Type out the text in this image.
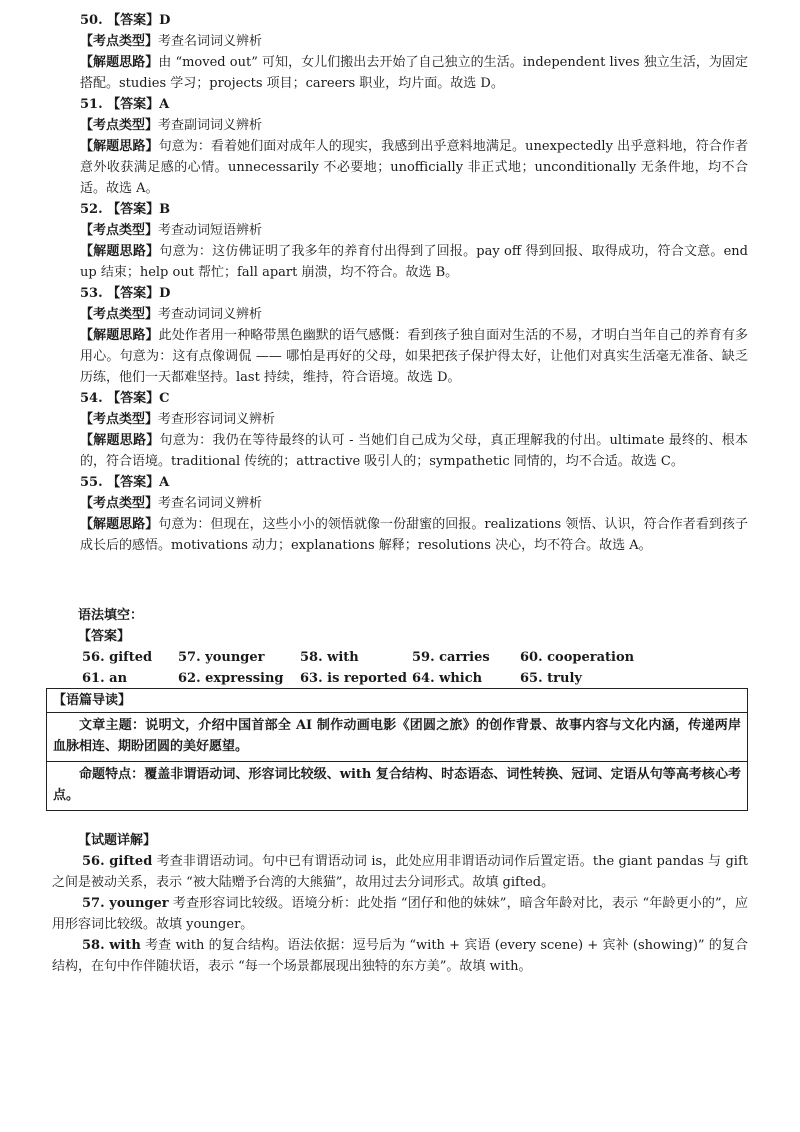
50. 【答案】D
【考点类型】考查名词词义辨析
【解题思路】由 “moved out” 可知，女儿们搬出去开始了自己独立的生活。independent lives 独立生活，为固定搭配。studies 学习；projects 项目；careers 职业，均片面。故选 D。
51. 【答案】A
【考点类型】考查副词词义辨析
【解题思路】句意为：看着她们面对成年人的现实，我感到出乎意料地满足。unexpectedly 出乎意料地，符合作者意外收获满足感的心情。unnecessarily 不必要地；unofficially 非正式地；unconditionally 无条件地，均不合适。故选 A。
52. 【答案】B
【考点类型】考查动词短语辨析
【解题思路】句意为：这仿佛证明了我多年的养育付出得到了回报。pay off 得到回报、取得成功，符合文意。end up 结束；help out 帮忙；fall apart 崩溃，均不符合。故选 B。
53. 【答案】D
【考点类型】考查动词词义辨析
【解题思路】此处作者用一种略带黑色幽默的语气感慨：看到孩子独自面对生活的不易，才明白当年自己的养育有多用心。句意为：这有点像调侃 —— 哪怕是再好的父母，如果把孩子保护得太好，让他们对真实生活毫无准备、缺乏历练，他们一天都难坚持。last 持续，维持，符合语境。故选 D。
54. 【答案】C
【考点类型】考查形容词词义辨析
【解题思路】句意为：我仍在等待最终的认可 - 当她们自己成为父母，真正理解我的付出。ultimate 最终的、根本的，符合语境。traditional 传统的；attractive 吸引人的；sympathetic 同情的，均不合适。故选 C。
55. 【答案】A
【考点类型】考查名词词义辨析
【解题思路】句意为：但现在，这些小小的领悟就像一份甜蜜的回报。realizations 领悟、认识，符合作者看到孩子成长后的感悟。motivations 动力；explanations 解释；resolutions 决心，均不符合。故选 A。
语法填空：
【答案】
56. gifted	57. younger	58. with	59. carries	60. cooperation
61. an	62. expressing	63. is reported 64. which	65. truly
【语篇导读】
文章主题：说明文，介绍中国首部全 AI 制作动画电影《团圆之旅》的创作背景、故事内容与文化内涵，传递两岸血脉相连、期盼团圆的美好愿望。
命题特点：覆盖非谓语动词、形容词比较级、with 复合结构、时态语态、词性转换、冠词、定语从句等高考核心考点。
【试题详解】
56. gifted 考查非谓语动词。句中已有谓语动词 is，此处应用非谓语动词作后置定语。the giant pandas 与 gift 之间是被动关系，表示 “被大陆赠予台湾的大熊猫”，故用过去分词形式。故填 gifted。
57. younger 考查形容词比较级。语境分析：此处指 “团仔和他的妹妹”，暗含年龄对比，表示 “年龄更小的”，应用形容词比较级。故填 younger。
58. with 考查 with 的复合结构。语法依据：逗号后为 “with + 宾语 (every scene) + 宾补 (showing)” 的复合结构，在句中作伴随状语，表示 “每一个场景都展现出独特的东方美”。故填 with。
